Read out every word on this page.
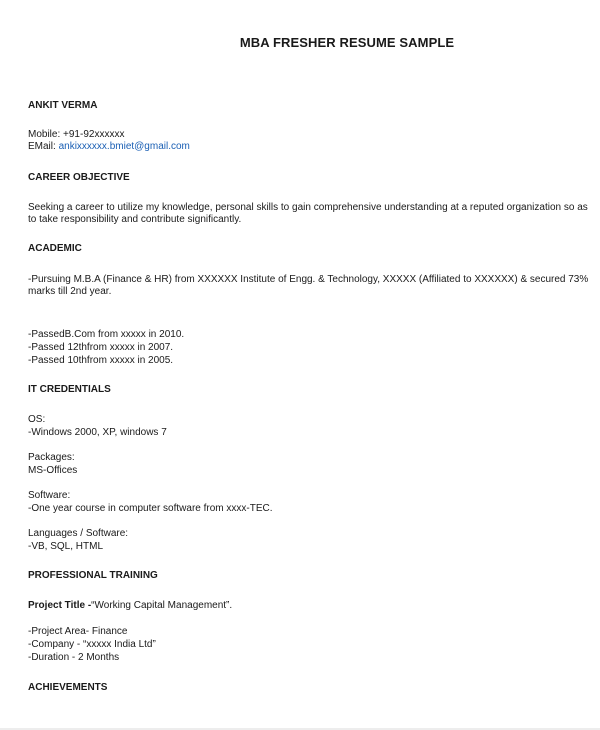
MBA FRESHER RESUME SAMPLE
ANKIT VERMA
Mobile: +91-92xxxxxx
EMail: ankixxxxxx.bmiet@gmail.com
CAREER OBJECTIVE
Seeking a career to utilize my knowledge, personal skills to gain comprehensive understanding at a reputed organization so as to take responsibility and contribute significantly.
ACADEMIC
-Pursuing M.B.A (Finance & HR) from XXXXXX Institute of Engg. & Technology, XXXXX (Affiliated to XXXXXX) & secured 73% marks till 2nd year.
-PassedB.Com from xxxxx in 2010.
-Passed 12thfrom xxxxx in 2007.
-Passed 10thfrom xxxxx in 2005.
IT CREDENTIALS
OS:
-Windows 2000, XP, windows 7
Packages:
MS-Offices
Software:
-One year course in computer software from xxxx-TEC.
Languages / Software:
-VB, SQL, HTML
PROFESSIONAL TRAINING
Project Title -“Working Capital Management”.
-Project Area- Finance
-Company - “xxxxx India Ltd”
-Duration - 2 Months
ACHIEVEMENTS
